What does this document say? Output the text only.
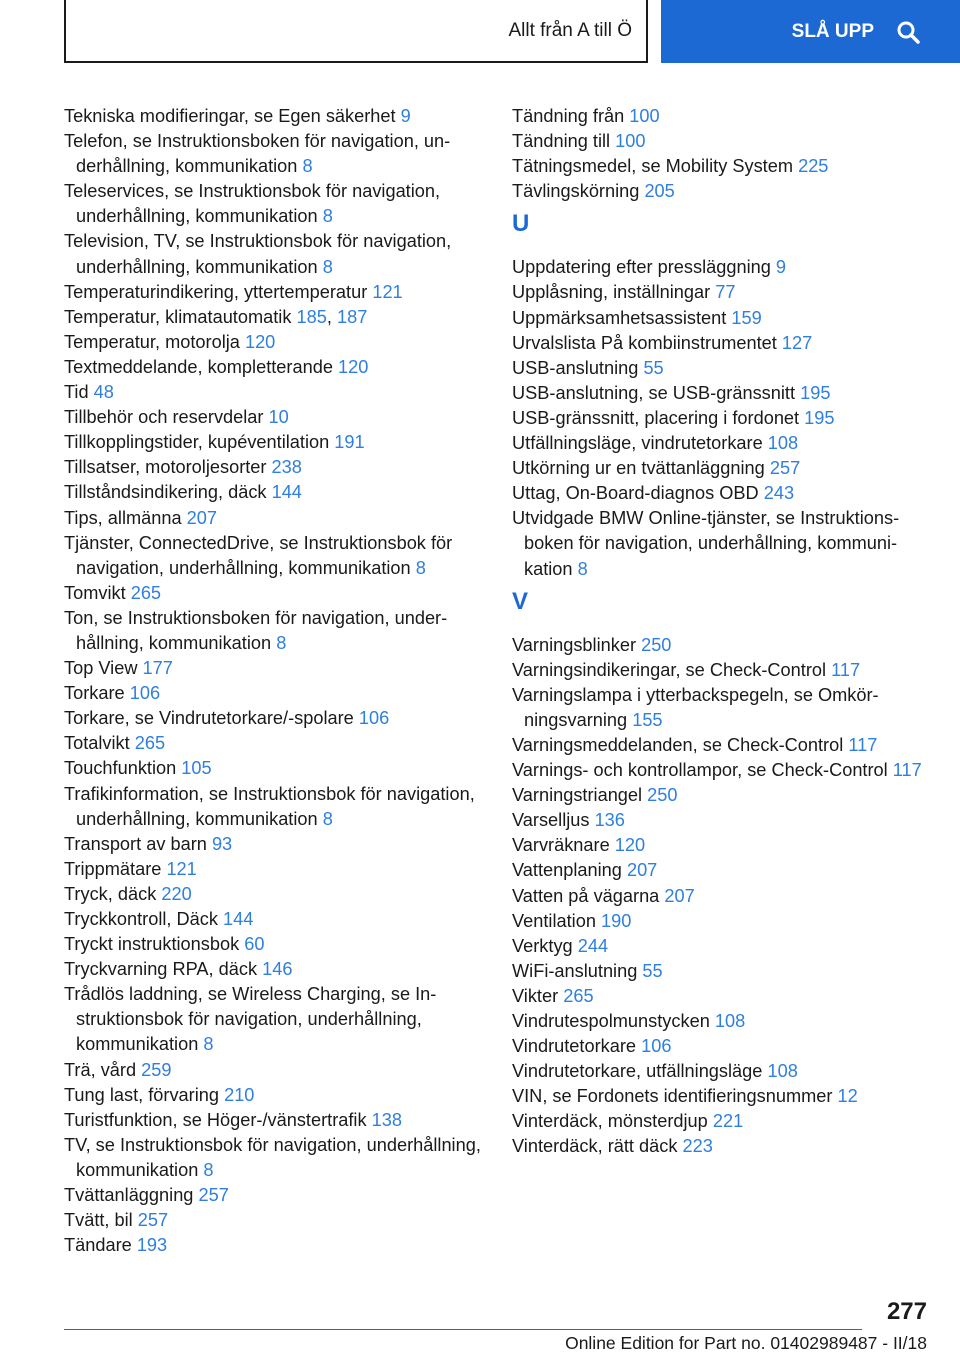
Allt från A till Ö	SLÅ UPP
Tekniska modifieringar, se Egen säkerhet 9
Telefon, se Instruktionsboken för navigation, underhållning, kommunikation 8
Teleservices, se Instruktionsbok för navigation, underhållning, kommunikation 8
Television, TV, se Instruktionsbok för navigation, underhållning, kommunikation 8
Temperaturindikering, yttertemperatur 121
Temperatur, klimatautomatik 185, 187
Temperatur, motorolja 120
Textmeddelande, kompletterande 120
Tid 48
Tillbehör och reservdelar 10
Tillkopplingstider, kupéventilation 191
Tillsatser, motoroljesorter 238
Tillståndsindikering, däck 144
Tips, allmänna 207
Tjänster, ConnectedDrive, se Instruktionsbok för navigation, underhållning, kommunikation 8
Tomvikt 265
Ton, se Instruktionsboken för navigation, underhållning, kommunikation 8
Top View 177
Torkare 106
Torkare, se Vindrutetorkare/-spolare 106
Totalvikt 265
Touchfunktion 105
Trafikinformation, se Instruktionsbok för navigation, underhållning, kommunikation 8
Transport av barn 93
Trippmätare 121
Tryck, däck 220
Tryckkontroll, Däck 144
Tryckt instruktionsbok 60
Tryckvarning RPA, däck 146
Trådlös laddning, se Wireless Charging, se Instruktionsbok för navigation, underhållning, kommunikation 8
Trä, vård 259
Tung last, förvaring 210
Turistfunktion, se Höger-/vänstertrafik 138
TV, se Instruktionsbok för navigation, underhållning, kommunikation 8
Tvättanläggning 257
Tvätt, bil 257
Tändare 193
Tändning från 100
Tändning till 100
Tätningsmedel, se Mobility System 225
Tävlingskörning 205
U
Uppdatering efter pressläggning 9
Upplåsning, inställningar 77
Uppmärksamhetsassistent 159
Urvalslista På kombiinstrumentet 127
USB-anslutning 55
USB-anslutning, se USB-gränssnitt 195
USB-gränssnitt, placering i fordonet 195
Utfällningsläge, vindrutetorkare 108
Utkörning ur en tvättanläggning 257
Uttag, On-Board-diagnos OBD 243
Utvidgade BMW Online-tjänster, se Instruktionsboken för navigation, underhållning, kommunikation 8
V
Varningsblinker 250
Varningsindikeringar, se Check-Control 117
Varningslampa i ytterbackspegeln, se Omkörningsvarning 155
Varningsmeddelanden, se Check-Control 117
Varnings- och kontrollampor, se Check-Control 117
Varningstriangel 250
Varselljus 136
Varvräknare 120
Vattenplaning 207
Vatten på vägarna 207
Ventilation 190
Verktyg 244
WiFi-anslutning 55
Vikter 265
Vindrutespolmunstycken 108
Vindrutetorkare 106
Vindrutetorkare, utfällningsläge 108
VIN, se Fordonets identifieringsnummer 12
Vinterdäck, mönsterdjup 221
Vinterdäck, rätt däck 223
277
Online Edition for Part no. 01402989487 - II/18
